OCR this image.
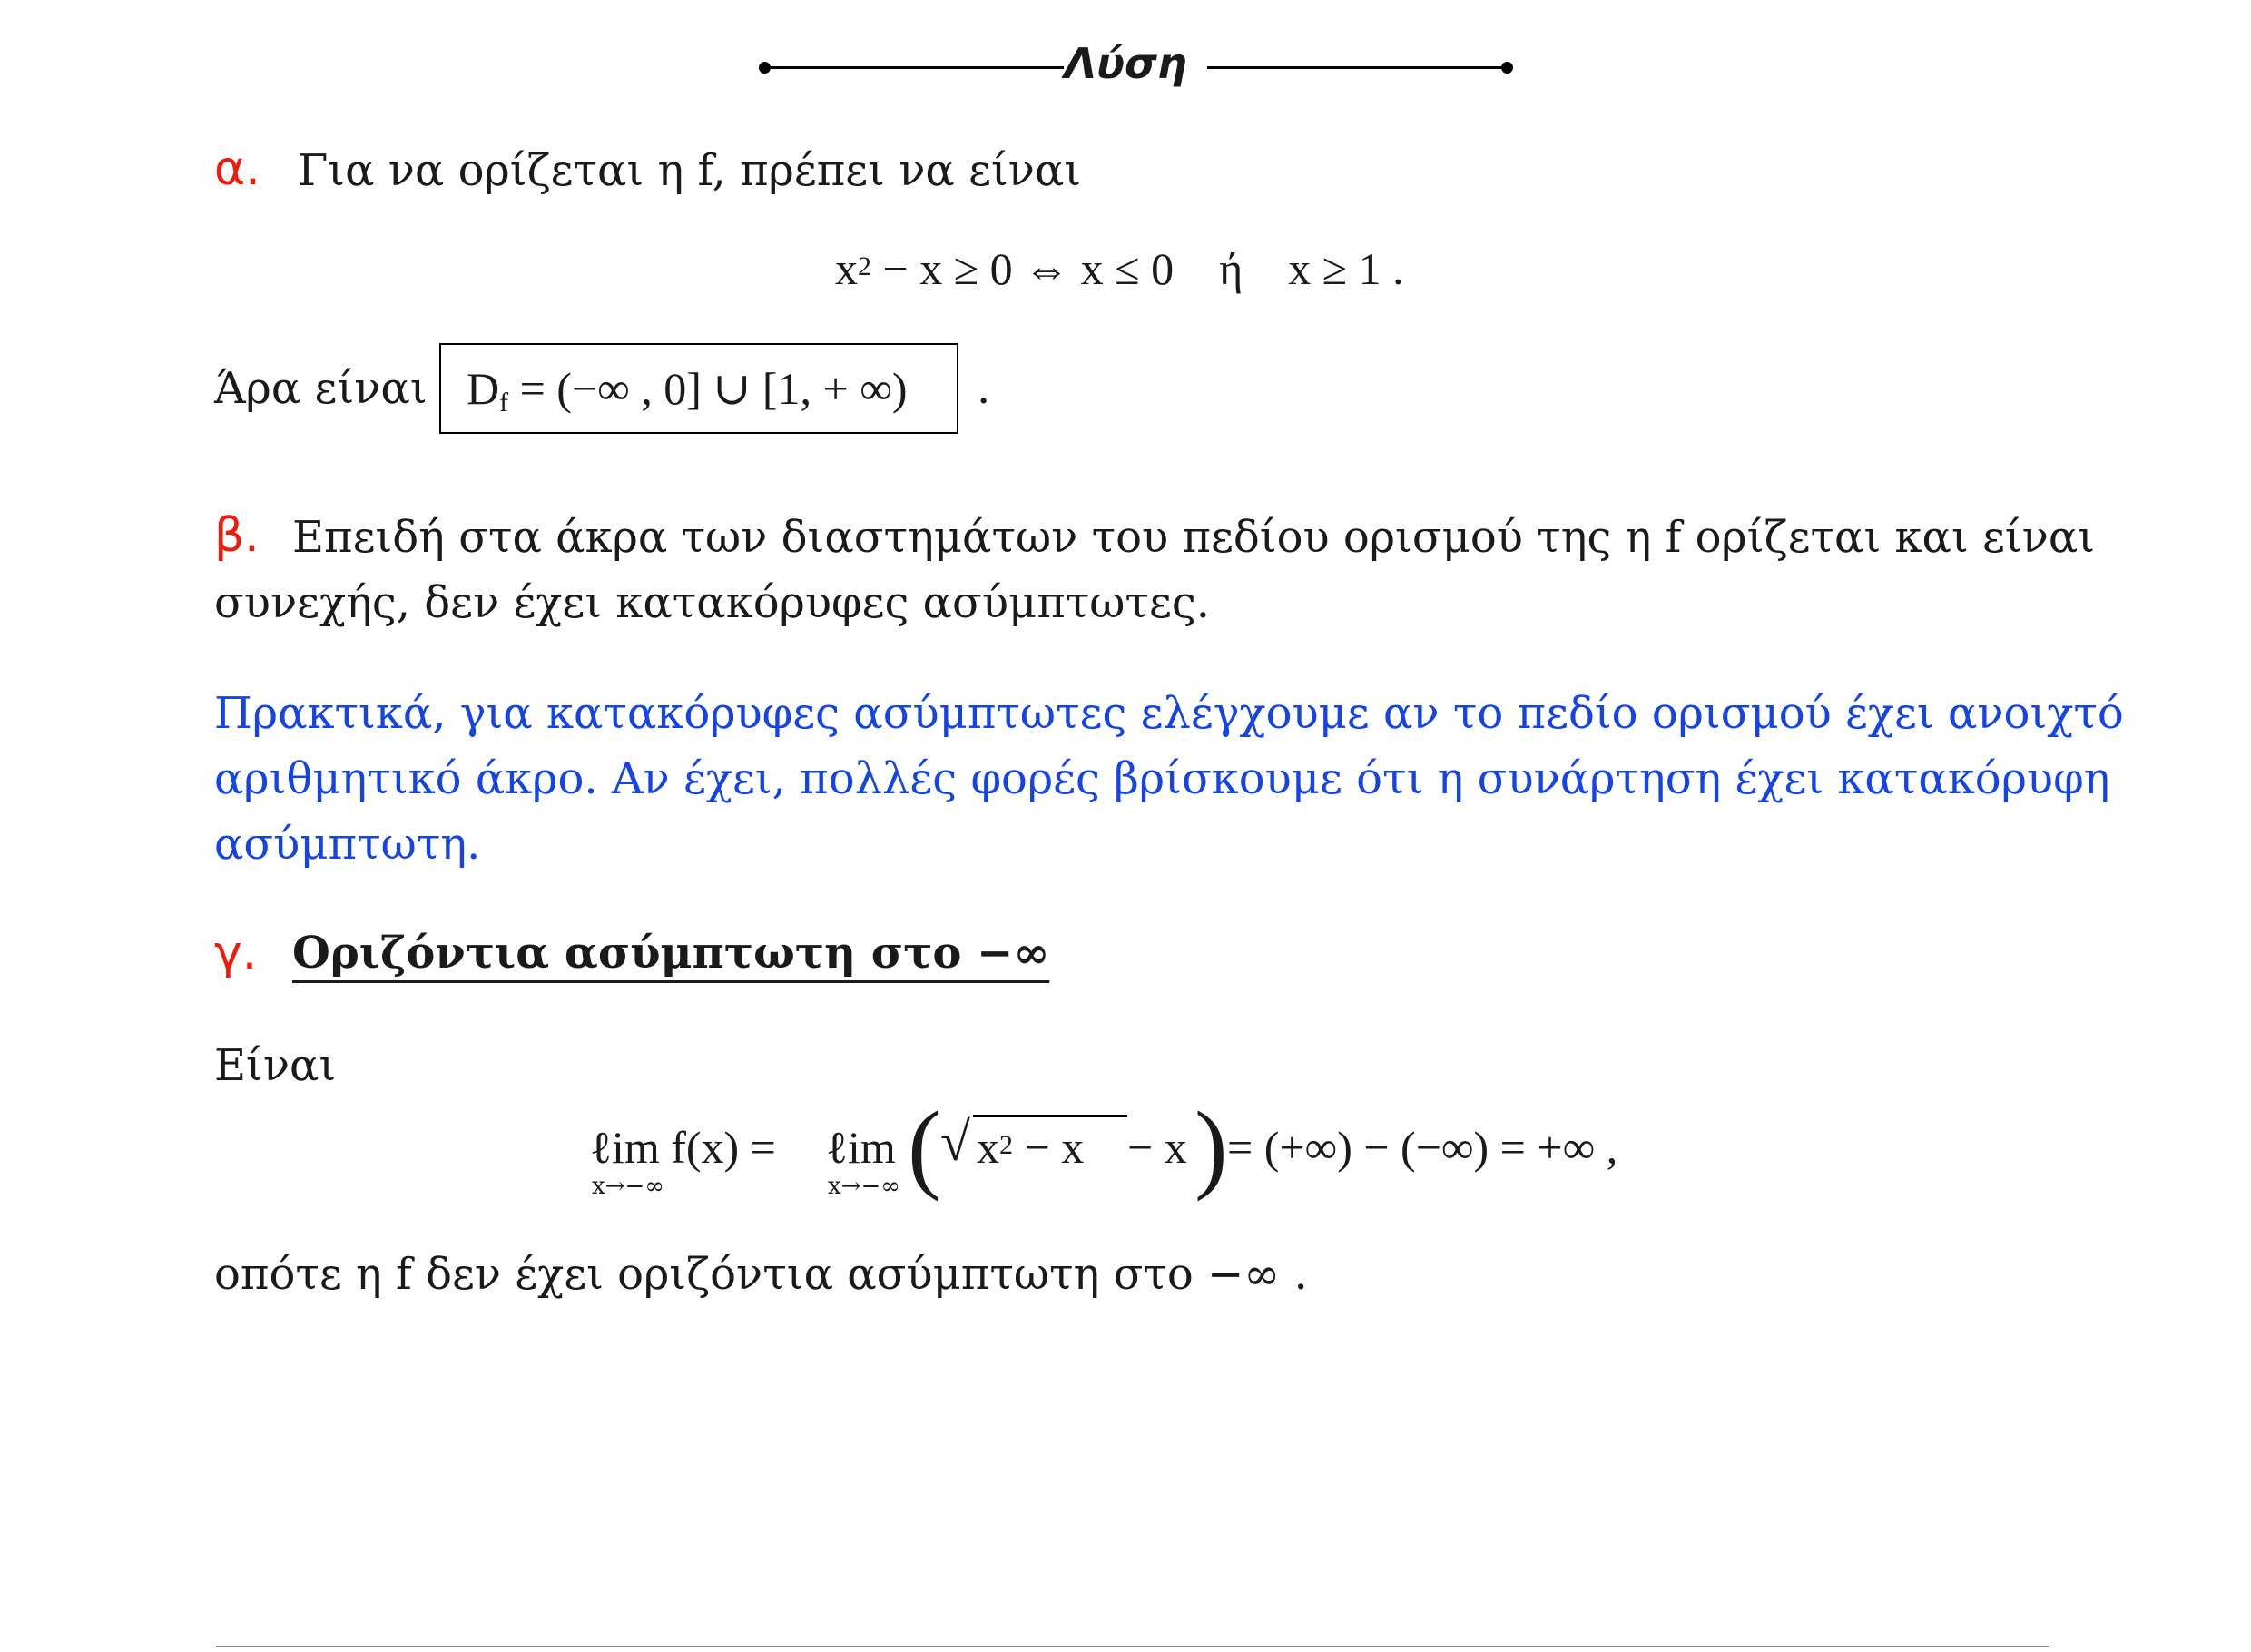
Λύση
α. Για να ορίζεται η f, πρέπει να είναι
$x^2 - x \ge 0$ ⇔ x ≤ 0    ή    x ≥ 1 .
Άρα είναι $D_f$ = (−∞ , 0] ∪ [1, + ∞) .
β. Επειδή στα άκρα των διαστημάτων του πεδίου ορισμού της η f ορίζεται και είναι
συνεχής, δεν έχει κατακόρυφες ασύμπτωτες.
Πρακτικά, για κατακόρυφες ασύμπτωτες ελέγχουμε αν το πεδίο ορισμού έχει ανοιχτό
αριθμητικό άκρο. Αν έχει, πολλές φορές βρίσκουμε ότι η συνάρτηση έχει κατακόρυφη
ασύμπτωτη.
γ. Οριζόντια ασύμπτωτη στο −∞
Είναι
ℓim f(x) =
x→−∞
ℓim
x→−∞ ( √ $x^2 - x - x$ ) = (+∞) − (−∞) = +∞ ,
οπότε η f δεν έχει οριζόντια ασύμπτωτη στο −∞ .
